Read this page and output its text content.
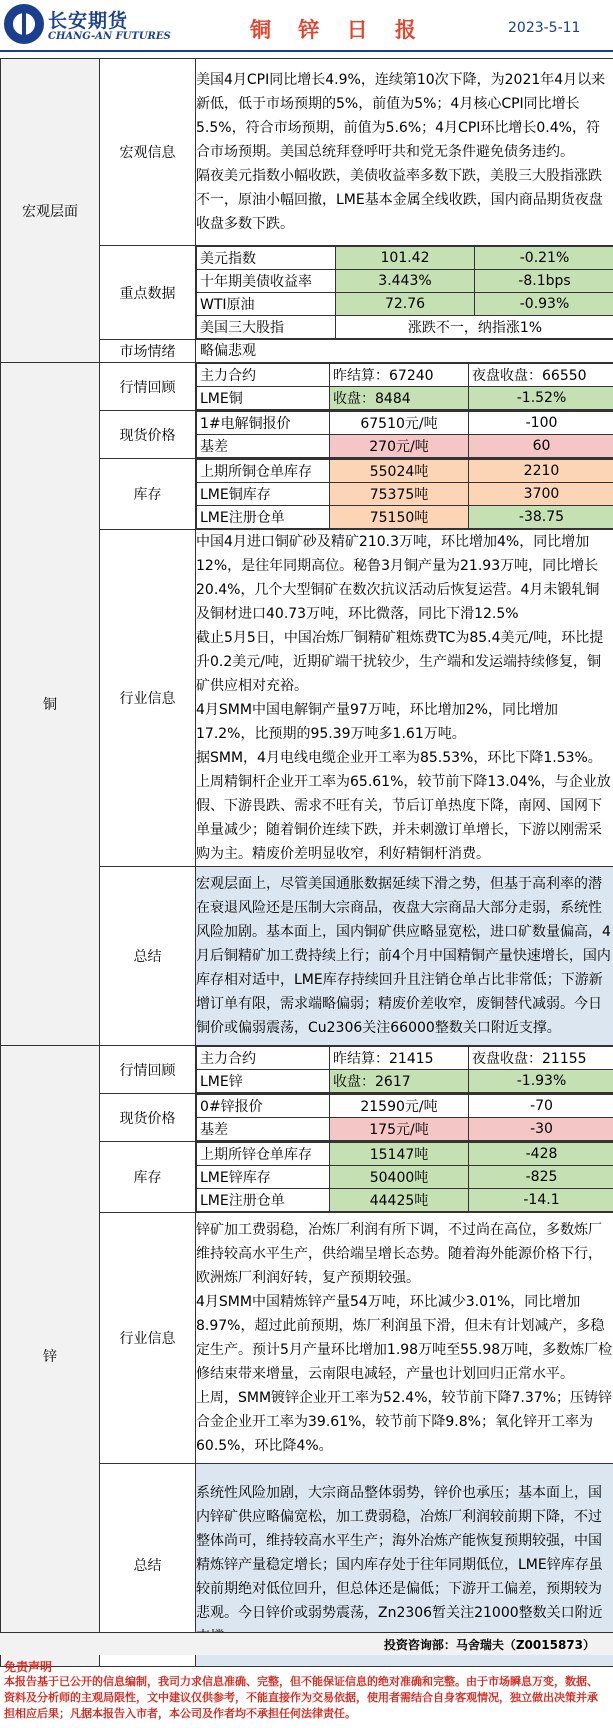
长安期货
CHANG-AN FUTURES	铜 锌 日 报	2023-5-11
宏观层面	宏观信息	

美国4月CPI同比增长4.9%，连续第10次下降，为2021年4月以来新低，低于市场预期的5%，前值为5%；4月核心CPI同比增长5.5%，符合市场预期，前值为5.6%；4月CPI环比增长0.4%，符合市场预期。美国总统拜登呼吁共和党无条件避免债务违约。

隔夜美元指数小幅收跌，美债收益率多数下跌，美股三大股指涨跌不一，原油小幅回撤，LME基本金属全线收跌，国内商品期货夜盘收盘多数下跌。

重点数据	
美元指数	101.42	-0.21%
十年期美债收益率	3.443%	-8.1bps
WTI原油	72.76	-0.93%
美国三大股指	涨跌不一，纳指涨1%

市场情绪	略偏悲观
铜	行情回顾	
主力合约	昨结算：67240	夜盘收盘：66550
LME铜	收盘：8484	-1.52%

现货价格	
1#电解铜报价	67510元/吨	-100
基差	270元/吨	60

库存	
上期所铜仓单库存	55024吨	2210
LME铜库存	75375吨	3700
LME注册仓单	75150吨	-38.75

行业信息	

中国4月进口铜矿砂及精矿210.3万吨，环比增加4%，同比增加12%，是往年同期高位。秘鲁3月铜产量为21.93万吨，同比增长20.4%，几个大型铜矿在数次抗议活动后恢复运营。4月未锻轧铜及铜材进口40.73万吨，环比微落，同比下滑12.5%

截止5月5日，中国冶炼厂铜精矿粗炼费TC为85.4美元/吨，环比提升0.2美元/吨，近期矿端干扰较少，生产端和发运端持续修复，铜矿供应相对充裕。

4月SMM中国电解铜产量97万吨，环比增加2%，同比增加17.2%，比预期的95.39万吨多1.61万吨。

据SMM，4月电线电缆企业开工率为85.53%，环比下降1.53%。上周精铜杆企业开工率为65.61%，较节前下降13.04%，与企业放假、下游畏跌、需求不旺有关，节后订单热度下降，南网、国网下单量减少；随着铜价连续下跌，并未刺激订单增长，下游以刚需采购为主。精废价差明显收窄，利好精铜杆消费。

总结	宏观层面上，尽管美国通胀数据延续下滑之势，但基于高利率的潜在衰退风险还是压制大宗商品，夜盘大宗商品大部分走弱，系统性风险加剧。基本面上，国内铜矿供应略显宽松，进口矿数量偏高，4月后铜精矿加工费持续上行；前4个月中国精铜产量快速增长，国内库存相对适中，LME库存持续回升且注销仓单占比非常低；下游新增订单有限，需求端略偏弱；精废价差收窄，废铜替代减弱。今日铜价或偏弱震荡，Cu2306关注66000整数关口附近支撑。
锌	行情回顾	
主力合约	昨结算：21415	夜盘收盘：21155
LME锌	收盘：2617	-1.93%

现货价格	
0#锌报价	21590元/吨	-70
基差	175元/吨	-30

库存	
上期所锌仓单库存	15147吨	-428
LME锌库存	50400吨	-825
LME注册仓单	44425吨	-14.1

行业信息	

锌矿加工费弱稳，冶炼厂利润有所下调，不过尚在高位，多数炼厂维持较高水平生产，供给端呈增长态势。随着海外能源价格下行，欧洲炼厂利润好转，复产预期较强。

4月SMM中国精炼锌产量54万吨，环比减少3.01%，同比增加8.97%，超过此前预期，炼厂利润虽下滑，但未有计划减产，多稳定生产。预计5月产量环比增加1.98万吨至55.98万吨，多数炼厂检修结束带来增量，云南限电减轻，产量也计划回归正常水平。

上周，SMM镀锌企业开工率为52.4%，较节前下降7.37%；压铸锌合金企业开工率为39.61%，较节前下降9.8%；氧化锌开工率为60.5%，环比降4%。

总结	系统性风险加剧，大宗商品整体弱势，锌价也承压；基本面上，国内锌矿供应略偏宽松，加工费弱稳，冶炼厂利润较前期下降，不过整体尚可，维持较高水平生产；海外冶炼产能恢复预期较强，中国精炼锌产量稳定增长；国内库存处于往年同期低位，LME锌库存虽较前期绝对低位回升，但总体还是偏低；下游开工偏差，预期较为悲观。今日锌价或弱势震荡，Zn2306暂关注21000整数关口附近
投资咨询部：马舍瑞夫（Z0015873）
免责声明
本报告基于已公开的信息编制，我司力求信息准确、完整，但不能保证信息的绝对准确和完整。由于市场瞬息万变，数据、资料及分析师的主观局限性，文中建议仅供参考，不能直接作为交易依据，使用者需结合自身客观情况，独立做出决策并承担相应后果；凡据本报告入市者，本公司及作者均不承担任何法律责任。
